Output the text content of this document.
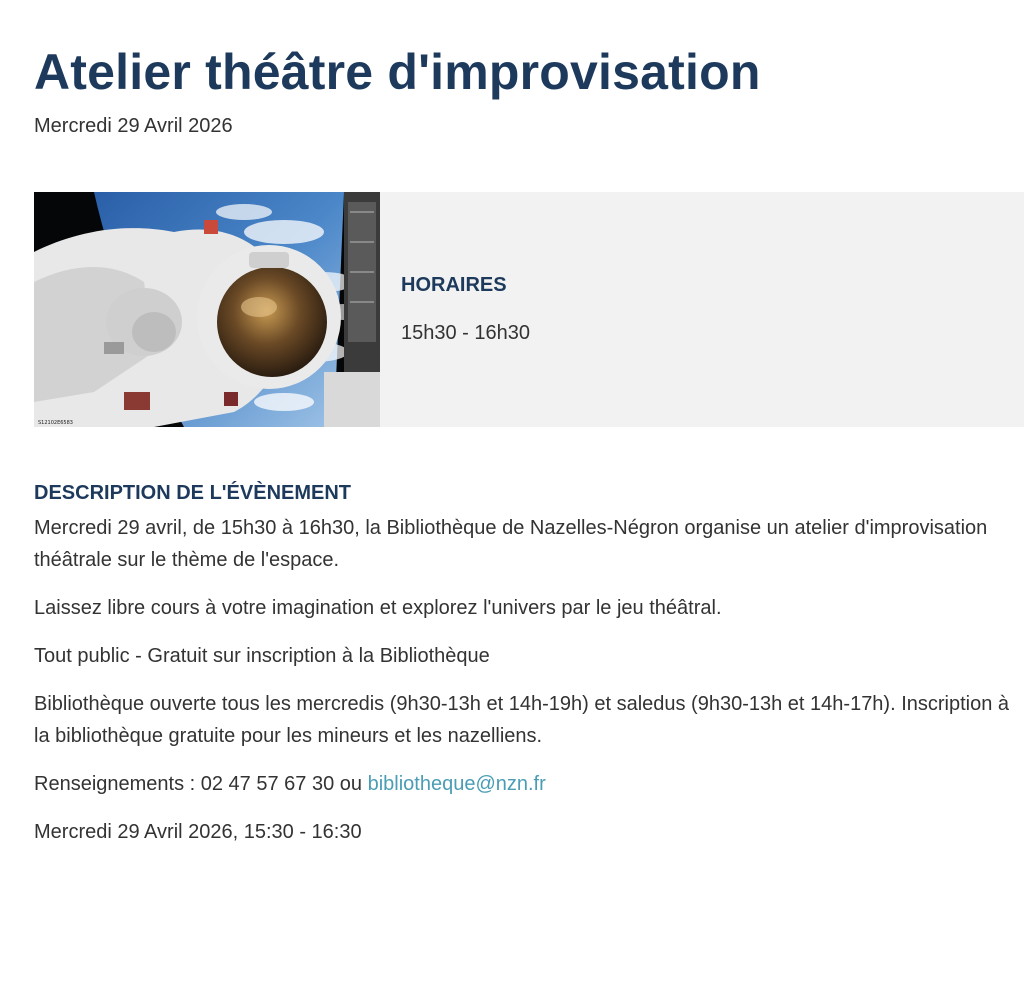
Atelier théâtre d'improvisation
Mercredi 29 Avril 2026
S12102E6583
HORAIRES
15h30 - 16h30
DESCRIPTION DE L'ÉVÈNEMENT

Mercredi 29 avril, de 15h30 à 16h30, la Bibliothèque de Nazelles-Négron organise un atelier d'improvisation théâtrale sur le thème de l'espace.

Laissez libre cours à votre imagination et explorez l'univers par le jeu théâtral.

Tout public - Gratuit sur inscription à la Bibliothèque

Bibliothèque ouverte tous les mercredis (9h30-13h et 14h-19h) et saledus (9h30-13h et 14h-17h). Inscription à la bibliothèque gratuite pour les mineurs et les nazelliens.

Renseignements : 02 47 57 67 30 ou bibliotheque@nzn.fr

Mercredi 29 Avril 2026, 15:30 - 16:30
